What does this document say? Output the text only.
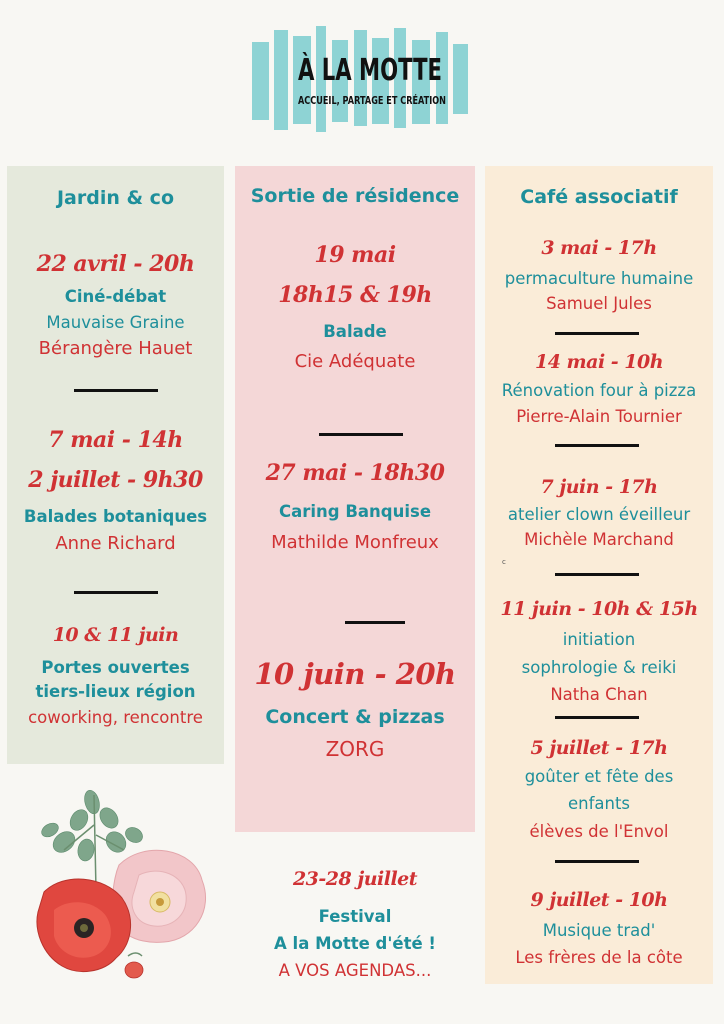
À LA MOTTE
ACCUEIL, PARTAGE ET CRÉATION
Jardin & co
22 avril - 20h
Ciné-débat
Mauvaise Graine
Bérangère Hauet
7 mai - 14h
2 juillet - 9h30
Balades botaniques
Anne Richard
10 & 11 juin
Portes ouvertes
tiers-lieux région
coworking, rencontre
Sortie de résidence
19 mai
18h15 & 19h
Balade
Cie Adéquate
27 mai - 18h30
Caring Banquise
Mathilde Monfreux
10 juin - 20h
Concert & pizzas
ZORG
Café associatif
3 mai - 17h
permaculture humaine
Samuel Jules
14 mai - 10h
Rénovation four à pizza
Pierre-Alain Tournier
7 juin - 17h
atelier clown éveilleur
Michèle Marchand
11 juin - 10h & 15h
initiation
sophrologie & reiki
Natha Chan
5 juillet - 17h
goûter et fête des
enfants
élèves de l'Envol
9 juillet - 10h
Musique trad'
Les frères de la côte
c
23-28 juillet
Festival
A la Motte d'été !
A VOS AGENDAS...
